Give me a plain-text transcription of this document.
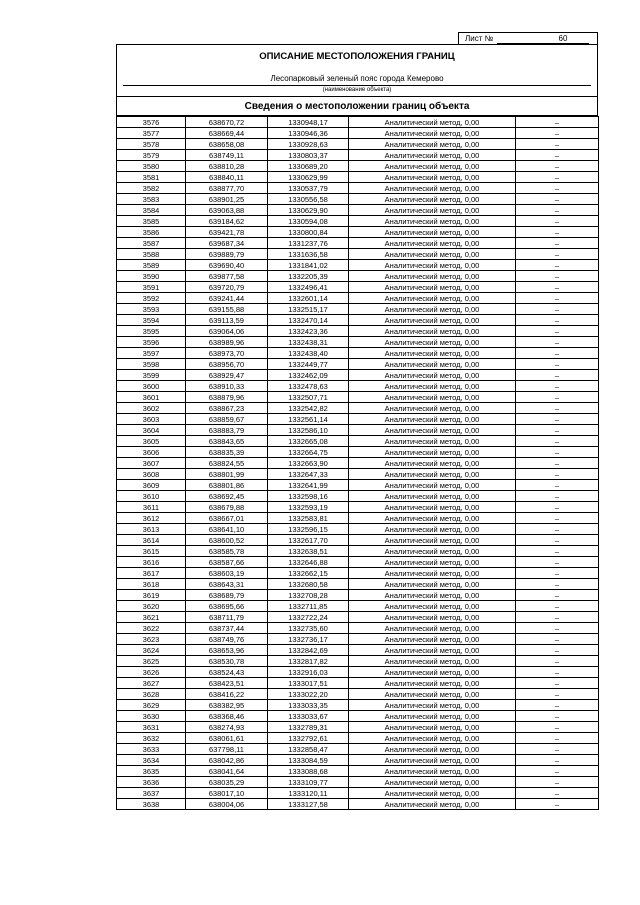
Лист №	60
ОПИСАНИЕ МЕСТОПОЛОЖЕНИЯ ГРАНИЦ
Лесопарковый зеленый пояс города Кемерово
(наименование объекта)
Сведения о местоположении границ объекта
3576	638670,72	1330948,17	Аналитический метод, 0,00	–
3577	638669,44	1330946,36	Аналитический метод, 0,00	–
3578	638658,08	1330928,63	Аналитический метод, 0,00	–
3579	638749,11	1330803,37	Аналитический метод, 0,00	–
3580	638810,28	1330689,20	Аналитический метод, 0,00	–
3581	638840,11	1330629,99	Аналитический метод, 0,00	–
3582	638877,70	1330537,79	Аналитический метод, 0,00	–
3583	638901,25	1330556,58	Аналитический метод, 0,00	–
3584	639063,88	1330629,90	Аналитический метод, 0,00	–
3585	639184,62	1330594,08	Аналитический метод, 0,00	–
3586	639421,78	1330800,84	Аналитический метод, 0,00	–
3587	639687,34	1331237,76	Аналитический метод, 0,00	–
3588	639889,79	1331636,58	Аналитический метод, 0,00	–
3589	639690,40	1331841,02	Аналитический метод, 0,00	–
3590	639877,58	1332205,39	Аналитический метод, 0,00	–
3591	639720,79	1332496,41	Аналитический метод, 0,00	–
3592	639241,44	1332601,14	Аналитический метод, 0,00	–
3593	639155,88	1332515,17	Аналитический метод, 0,00	–
3594	639113,59	1332470,14	Аналитический метод, 0,00	–
3595	639064,06	1332423,36	Аналитический метод, 0,00	–
3596	638989,96	1332438,31	Аналитический метод, 0,00	–
3597	638973,70	1332438,40	Аналитический метод, 0,00	–
3598	638956,70	1332449,77	Аналитический метод, 0,00	–
3599	638929,47	1332462,09	Аналитический метод, 0,00	–
3600	638910,33	1332478,63	Аналитический метод, 0,00	–
3601	638879,96	1332507,71	Аналитический метод, 0,00	–
3602	638867,23	1332542,82	Аналитический метод, 0,00	–
3603	638859,67	1332561,14	Аналитический метод, 0,00	–
3604	638883,79	1332586,10	Аналитический метод, 0,00	–
3605	638843,65	1332665,08	Аналитический метод, 0,00	–
3606	638835,39	1332664,75	Аналитический метод, 0,00	–
3607	638824,55	1332663,90	Аналитический метод, 0,00	–
3608	638801,99	1332647,33	Аналитический метод, 0,00	–
3609	638801,86	1332641,99	Аналитический метод, 0,00	–
3610	638692,45	1332598,16	Аналитический метод, 0,00	–
3611	638679,88	1332593,19	Аналитический метод, 0,00	–
3612	638667,01	1332583,81	Аналитический метод, 0,00	–
3613	638641,10	1332596,15	Аналитический метод, 0,00	–
3614	638600,52	1332617,70	Аналитический метод, 0,00	–
3615	638585,78	1332638,51	Аналитический метод, 0,00	–
3616	638587,66	1332646,88	Аналитический метод, 0,00	–
3617	638603,19	1332662,15	Аналитический метод, 0,00	–
3618	638643,31	1332680,58	Аналитический метод, 0,00	–
3619	638689,79	1332708,28	Аналитический метод, 0,00	–
3620	638695,66	1332711,85	Аналитический метод, 0,00	–
3621	638711,79	1332722,24	Аналитический метод, 0,00	–
3622	638737,44	1332735,60	Аналитический метод, 0,00	–
3623	638749,76	1332736,17	Аналитический метод, 0,00	–
3624	638653,96	1332842,69	Аналитический метод, 0,00	–
3625	638530,78	1332817,82	Аналитический метод, 0,00	–
3626	638524,43	1332916,03	Аналитический метод, 0,00	–
3627	638423,51	1333017,51	Аналитический метод, 0,00	–
3628	638416,22	1333022,20	Аналитический метод, 0,00	–
3629	638382,95	1333033,35	Аналитический метод, 0,00	–
3630	638368,46	1333033,67	Аналитический метод, 0,00	–
3631	638274,93	1332789,31	Аналитический метод, 0,00	–
3632	638061,61	1332792,61	Аналитический метод, 0,00	–
3633	637798,11	1332858,47	Аналитический метод, 0,00	–
3634	638042,86	1333084,59	Аналитический метод, 0,00	–
3635	638041,64	1333088,68	Аналитический метод, 0,00	–
3636	638035,29	1333109,77	Аналитический метод, 0,00	–
3637	638017,10	1333120,11	Аналитический метод, 0,00	–
3638	638004,06	1333127,58	Аналитический метод, 0,00	–
